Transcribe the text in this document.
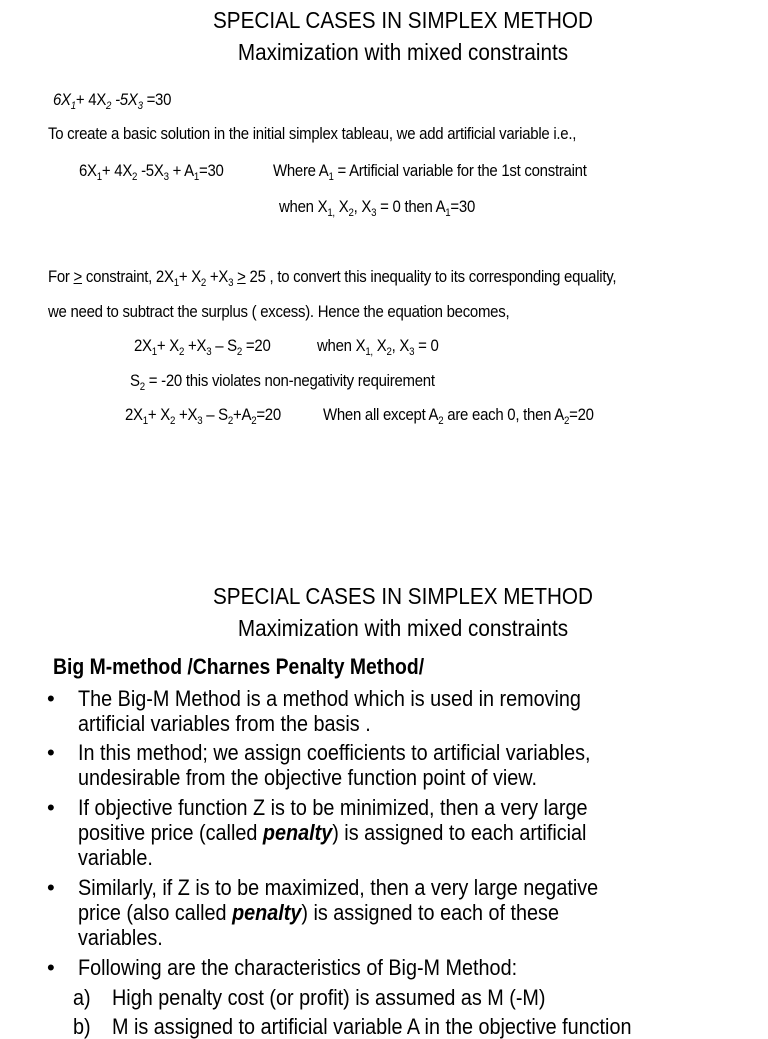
SPECIAL CASES IN SIMPLEX METHOD
Maximization with mixed constraints
$6X_1+ 4X_2$ $-5X_3 =30$
To create a basic solution in the initial simplex tableau, we add artificial variable i.e.,
$6X_1+ 4X_2$ $-5X_3 + A_1=30$	Where $A_1$ = Artificial variable for the 1st constraint
when $X_{1,}$ $X_2$, $X_3 = 0$ then $A_1=30$
For > constraint, $2X_1+ X_2 +X_3 > 25$ , to convert this inequality to its corresponding equality,
we need to subtract the surplus ( excess). Hence the equation becomes,
$2X_1+ X_2 +X_3 - S_2 =20$	when $X_{1,}$ $X_2$, $X_3 = 0$
$S_2 = -20$ this violates non-negativity requirement
$2X_1+ X_2 +X_3 - S_2+A_2=20$ When all except $A_2$ are each 0, then $A_2=20$
SPECIAL CASES IN SIMPLEX METHOD
Maximization with mixed constraints
Big M-method /Charnes Penalty Method/
• The Big-M Method is a method which is used in removing
artificial variables from the basis .
• In this method; we assign coefficients to artificial variables,
undesirable from the objective function point of view.
• If objective function Z is to be minimized, then a very large
positive price (called penalty) is assigned to each artificial
variable.
• Similarly, if Z is to be maximized, then a very large negative
price (also called penalty) is assigned to each of these
variables.
• Following are the characteristics of Big-M Method:
a) High penalty cost (or profit) is assumed as M (-M)
b) M is assigned to artificial variable A in the objective function
